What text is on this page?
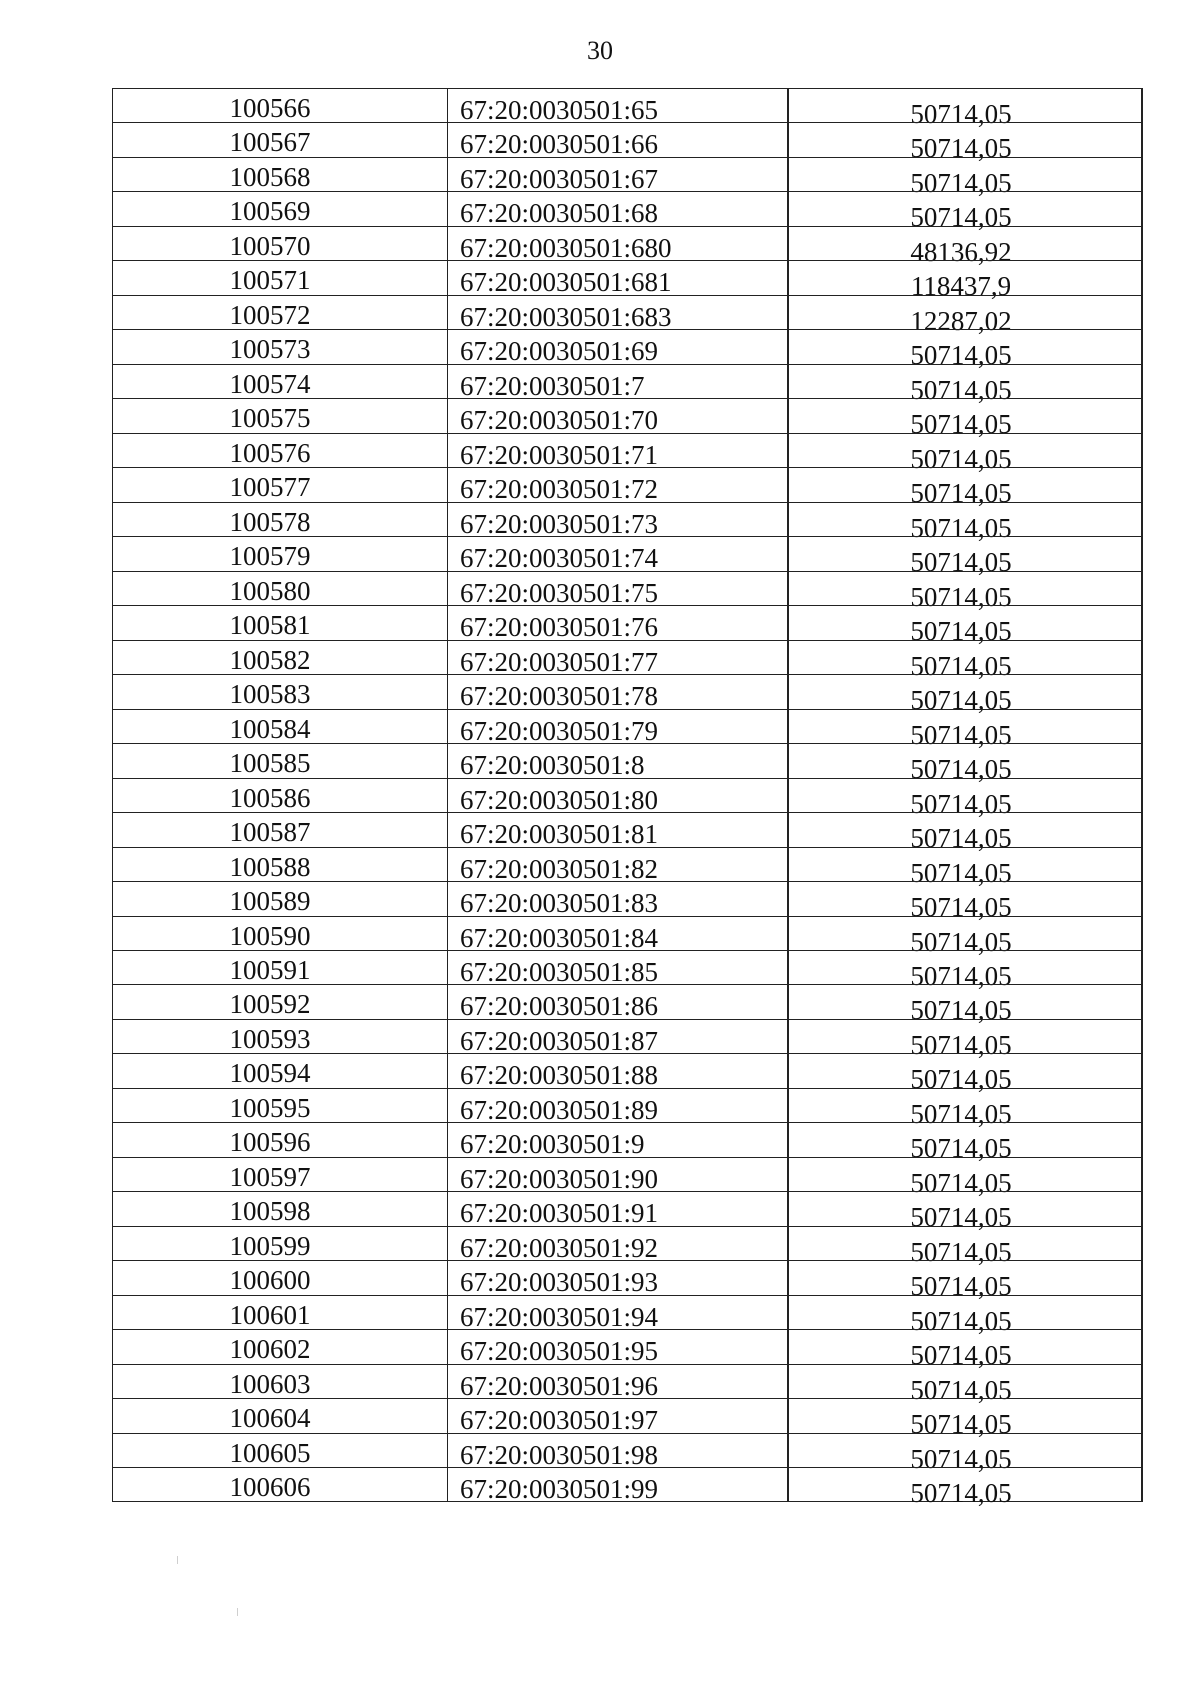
30
100566	67:20:0030501:65	50714,05
100567	67:20:0030501:66	50714,05
100568	67:20:0030501:67	50714,05
100569	67:20:0030501:68	50714,05
100570	67:20:0030501:680	48136,92
100571	67:20:0030501:681	118437,9
100572	67:20:0030501:683	12287,02
100573	67:20:0030501:69	50714,05
100574	67:20:0030501:7	50714,05
100575	67:20:0030501:70	50714,05
100576	67:20:0030501:71	50714,05
100577	67:20:0030501:72	50714,05
100578	67:20:0030501:73	50714,05
100579	67:20:0030501:74	50714,05
100580	67:20:0030501:75	50714,05
100581	67:20:0030501:76	50714,05
100582	67:20:0030501:77	50714,05
100583	67:20:0030501:78	50714,05
100584	67:20:0030501:79	50714,05
100585	67:20:0030501:8	50714,05
100586	67:20:0030501:80	50714,05
100587	67:20:0030501:81	50714,05
100588	67:20:0030501:82	50714,05
100589	67:20:0030501:83	50714,05
100590	67:20:0030501:84	50714,05
100591	67:20:0030501:85	50714,05
100592	67:20:0030501:86	50714,05
100593	67:20:0030501:87	50714,05
100594	67:20:0030501:88	50714,05
100595	67:20:0030501:89	50714,05
100596	67:20:0030501:9	50714,05
100597	67:20:0030501:90	50714,05
100598	67:20:0030501:91	50714,05
100599	67:20:0030501:92	50714,05
100600	67:20:0030501:93	50714,05
100601	67:20:0030501:94	50714,05
100602	67:20:0030501:95	50714,05
100603	67:20:0030501:96	50714,05
100604	67:20:0030501:97	50714,05
100605	67:20:0030501:98	50714,05
100606	67:20:0030501:99	50714,05
